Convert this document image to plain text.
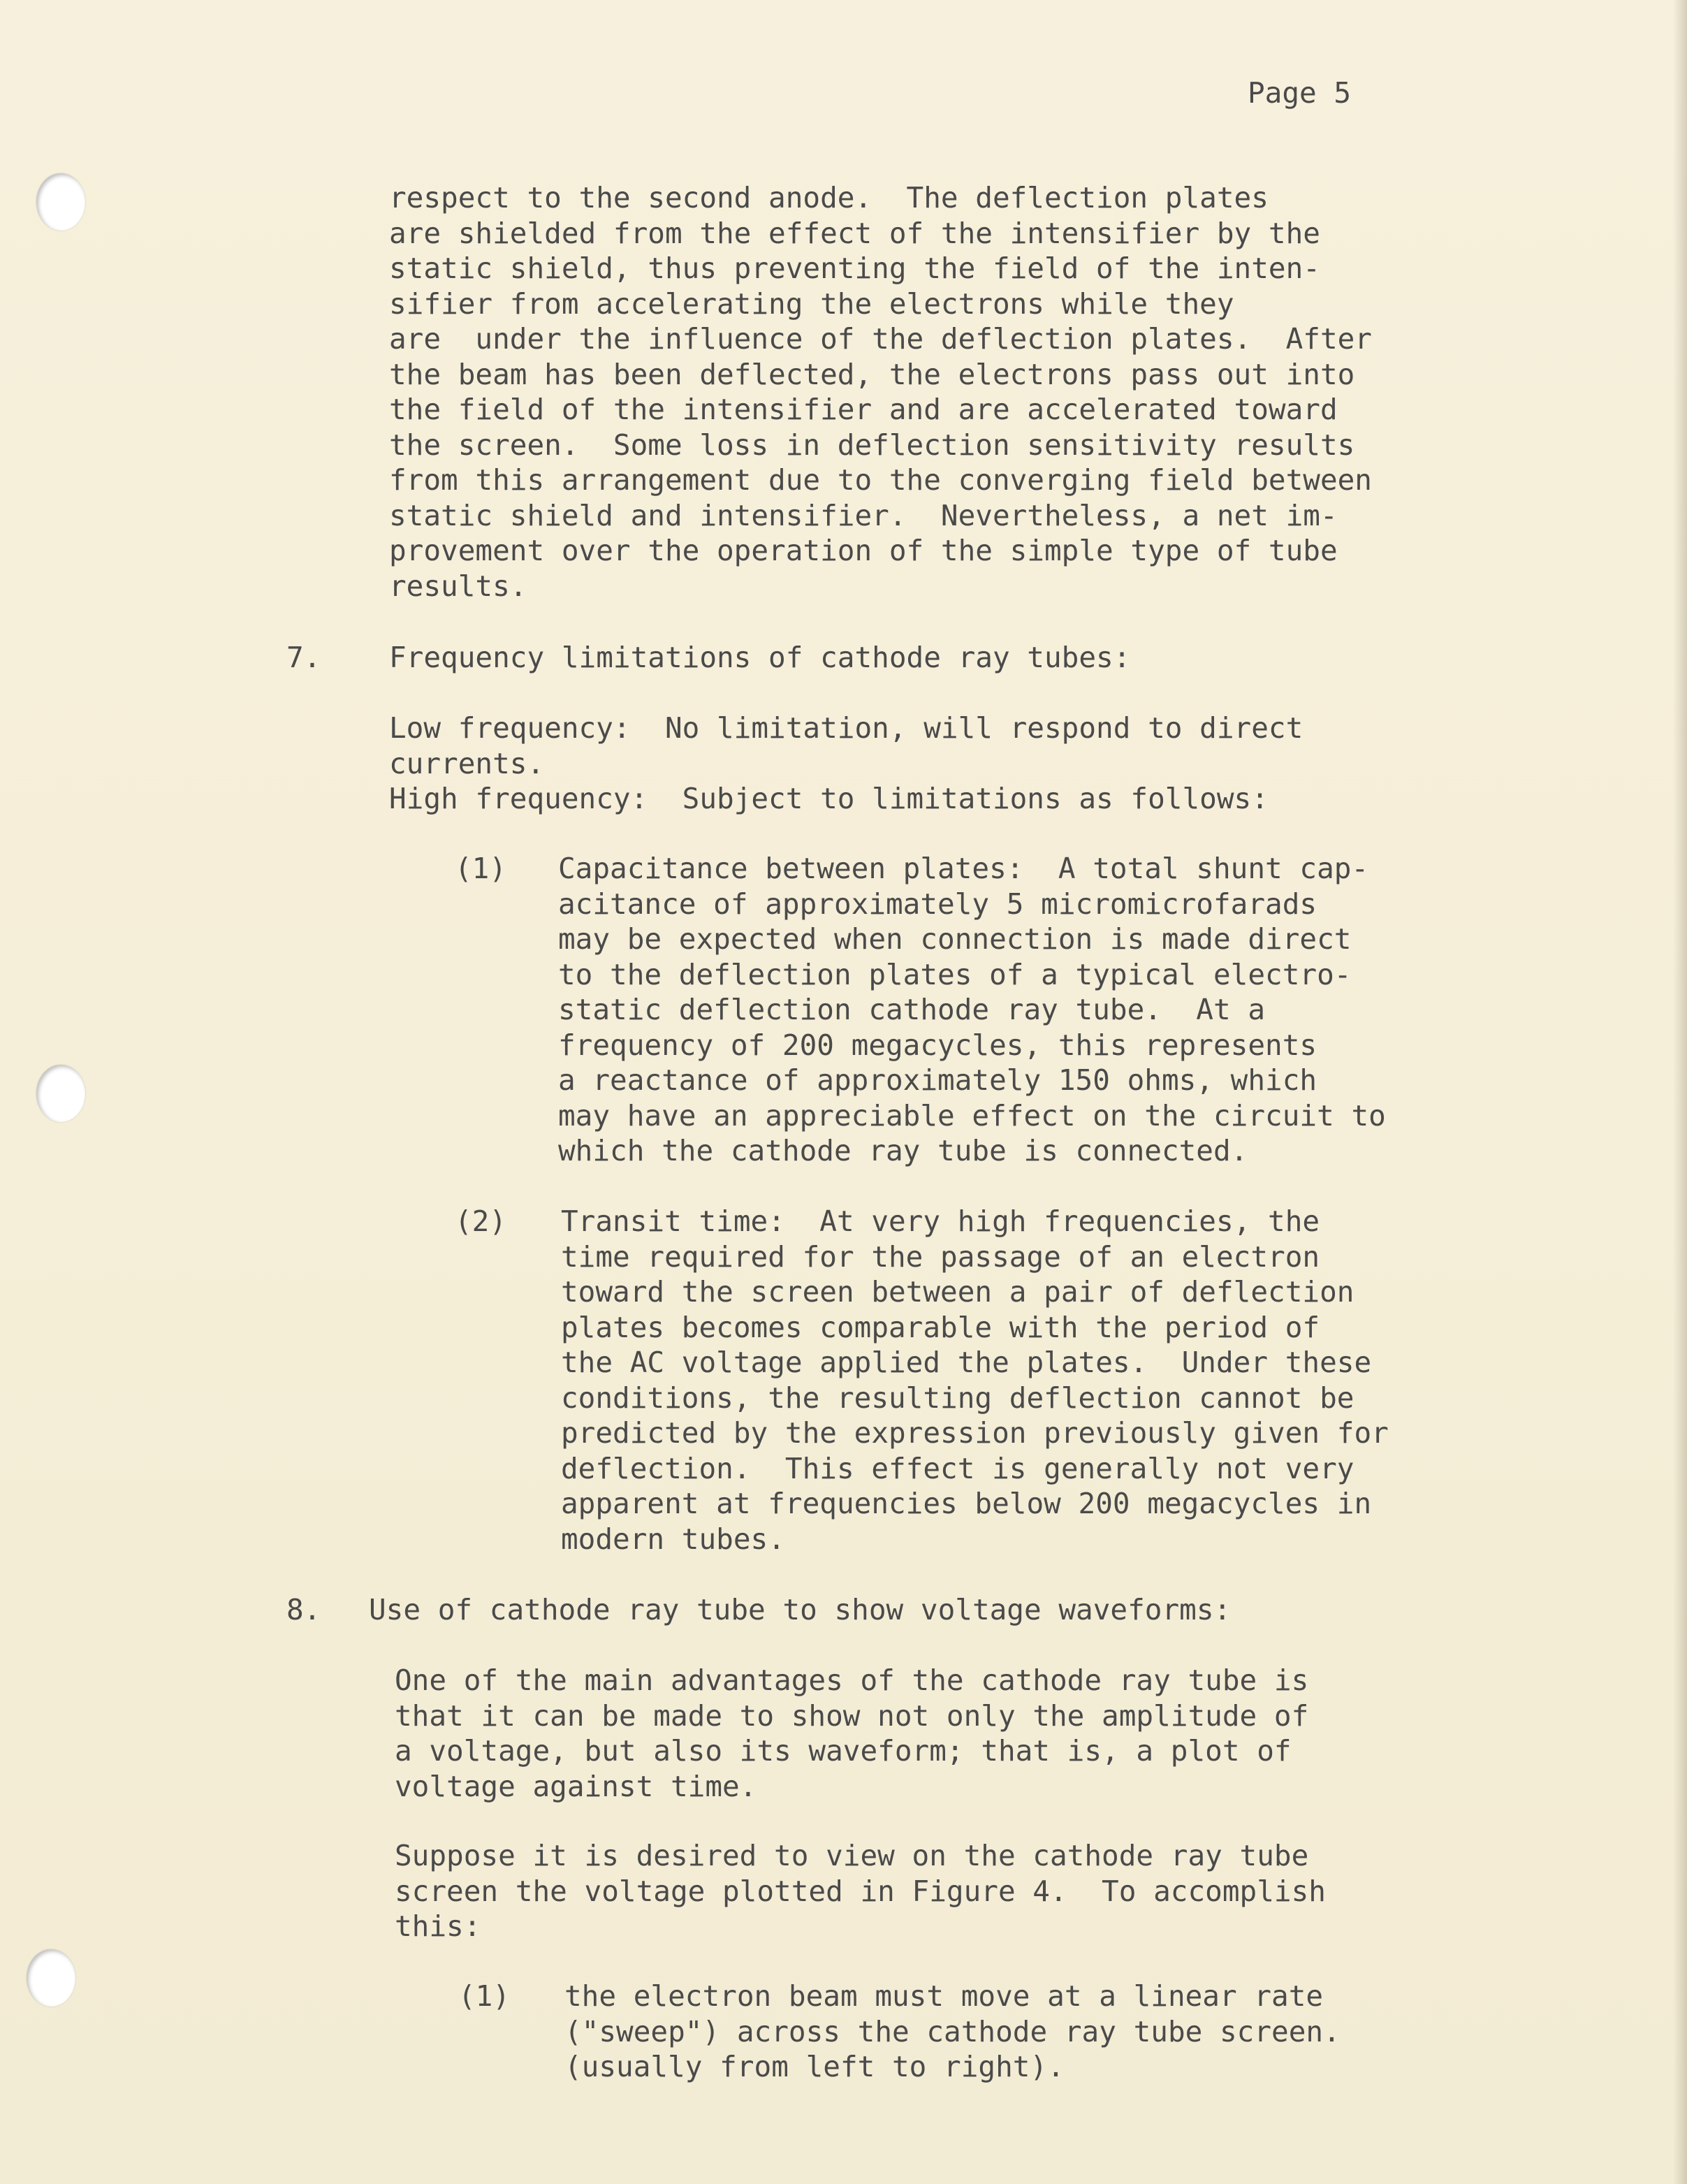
Page 5

respect to the second anode.  The deflection plates
are shielded from the effect of the intensifier by the
static shield, thus preventing the field of the inten-
sifier from accelerating the electrons while they
are  under the influence of the deflection plates.  After
the beam has been deflected, the electrons pass out into
the field of the intensifier and are accelerated toward
the screen.  Some loss in deflection sensitivity results
from this arrangement due to the converging field between
static shield and intensifier.  Nevertheless, a net im-
provement over the operation of the simple type of tube
results.

7. Frequency limitations of cathode ray tubes:

Low frequency:  No limitation, will respond to direct
currents.

High frequency:  Subject to limitations as follows:

(1) Capacitance between plates:  A total shunt cap-
acitance of approximately 5 micromicrofarads
may be expected when connection is made direct
to the deflection plates of a typical electro-
static deflection cathode ray tube.  At a
frequency of 200 megacycles, this represents
a reactance of approximately 150 ohms, which
may have an appreciable effect on the circuit to
which the cathode ray tube is connected.

(2) Transit time:  At very high frequencies, the
time required for the passage of an electron
toward the screen between a pair of deflection
plates becomes comparable with the period of
the AC voltage applied the plates.  Under these
conditions, the resulting deflection cannot be
predicted by the expression previously given for
deflection.  This effect is generally not very
apparent at frequencies below 200 megacycles in
modern tubes.

8. Use of cathode ray tube to show voltage waveforms:

One of the main advantages of the cathode ray tube is
that it can be made to show not only the amplitude of
a voltage, but also its waveform; that is, a plot of
voltage against time.

Suppose it is desired to view on the cathode ray tube
screen the voltage plotted in Figure 4.  To accomplish
this:

(1) the electron beam must move at a linear rate
("sweep") across the cathode ray tube screen.
(usually from left to right).
